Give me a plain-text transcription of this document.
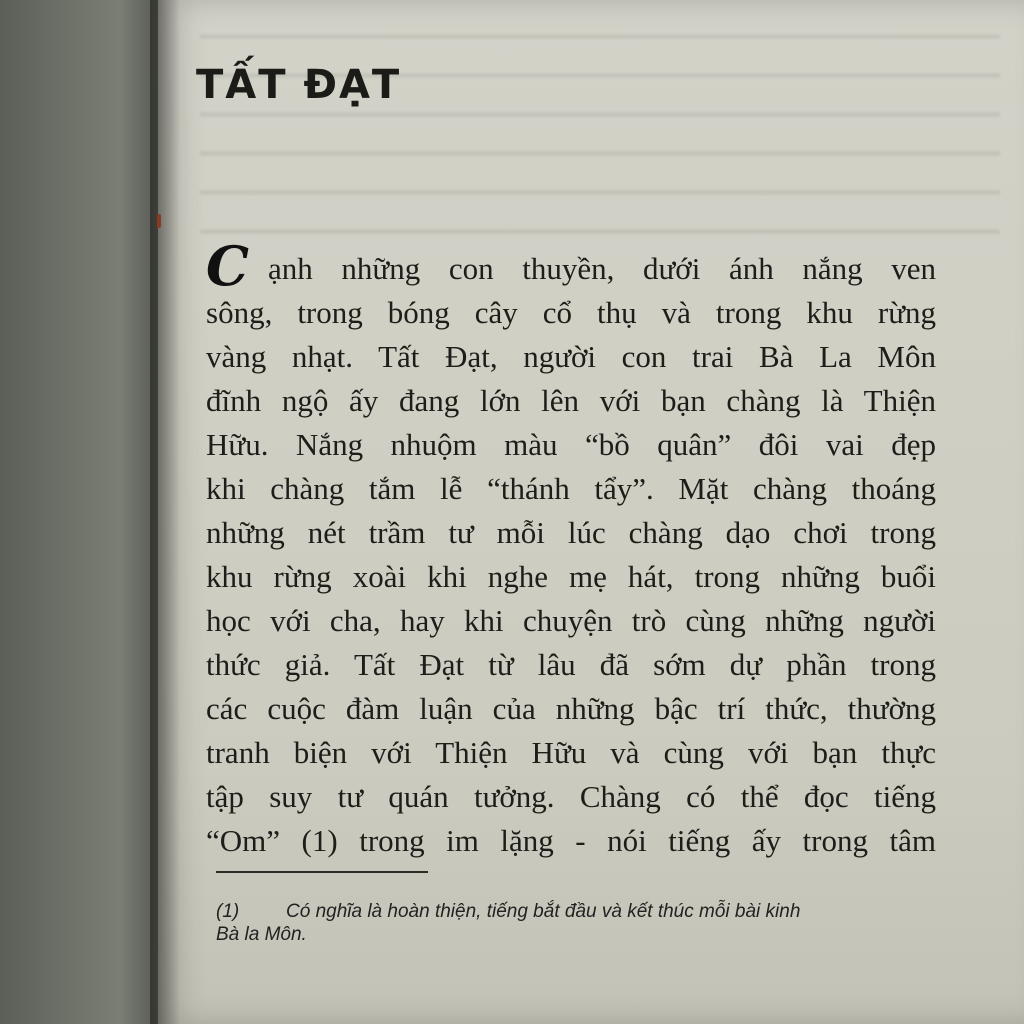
TẤT ĐẠT
C ạnh những con thuyền, dưới ánh nắng ven
sông, trong bóng cây cổ thụ và trong khu rừng
vàng nhạt. Tất Đạt, người con trai Bà La Môn
đĩnh ngộ ấy đang lớn lên với bạn chàng là Thiện
Hữu. Nắng nhuộm màu “bồ quân” đôi vai đẹp
khi chàng tắm lễ “thánh tẩy”. Mặt chàng thoáng
những nét trầm tư mỗi lúc chàng dạo chơi trong
khu rừng xoài khi nghe mẹ hát, trong những buổi
học với cha, hay khi chuyện trò cùng những người
thức giả. Tất Đạt từ lâu đã sớm dự phần trong
các cuộc đàm luận của những bậc trí thức, thường
tranh biện với Thiện Hữu và cùng với bạn thực
tập suy tư quán tưởng. Chàng có thể đọc tiếng
“Om” (1) trong im lặng - nói tiếng ấy trong tâm
(1) Có nghĩa là hoàn thiện, tiếng bắt đầu và kết thúc mỗi bài kinh
Bà la Môn.
